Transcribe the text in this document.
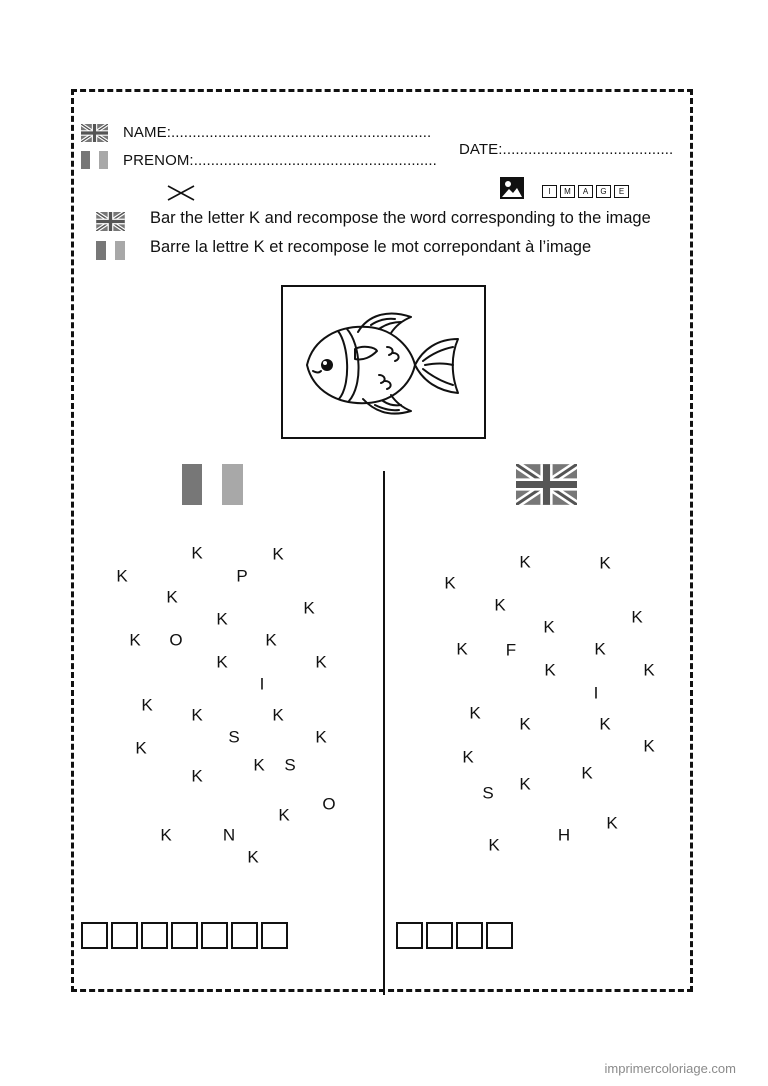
NAME:.............................................................
PRENOM:.........................................................
DATE:........................................
I	M	A	G	E
Bar the letter K and recompose the word corresponding to the image
Barre la lettre K et recompose le mot correpondant à l’image
K	K
K	P
K
K
K
K O	K
K	K
I
K
K	K
S	K
K
K S
K
O
K
K	N
K
K	K
K
K
K
K
K F	K
K	K
I
K
K	K
K
K
S K
K
K
H
K
imprimercoloriage.com
